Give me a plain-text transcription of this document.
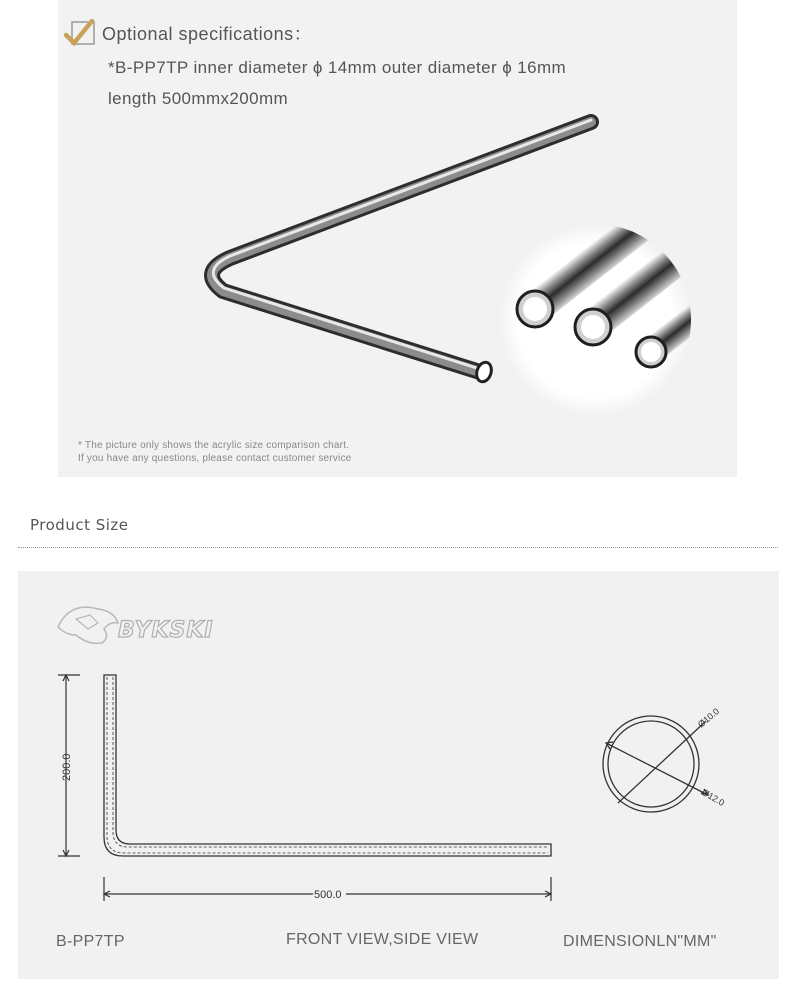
Optional specifications：
*B-PP7TP inner diameter ϕ 14mm outer diameter ϕ 16mm
length 500mmx200mm
* The picture only shows the acrylic size comparison chart.
If you have any questions, please contact customer service
Product Size
BYKSKI
200.0
500.0
Ø10.0
Ø12.0
B-PP7TP	FRONT VIEW,SIDE VIEW	DIMENSIONLN"MM"
